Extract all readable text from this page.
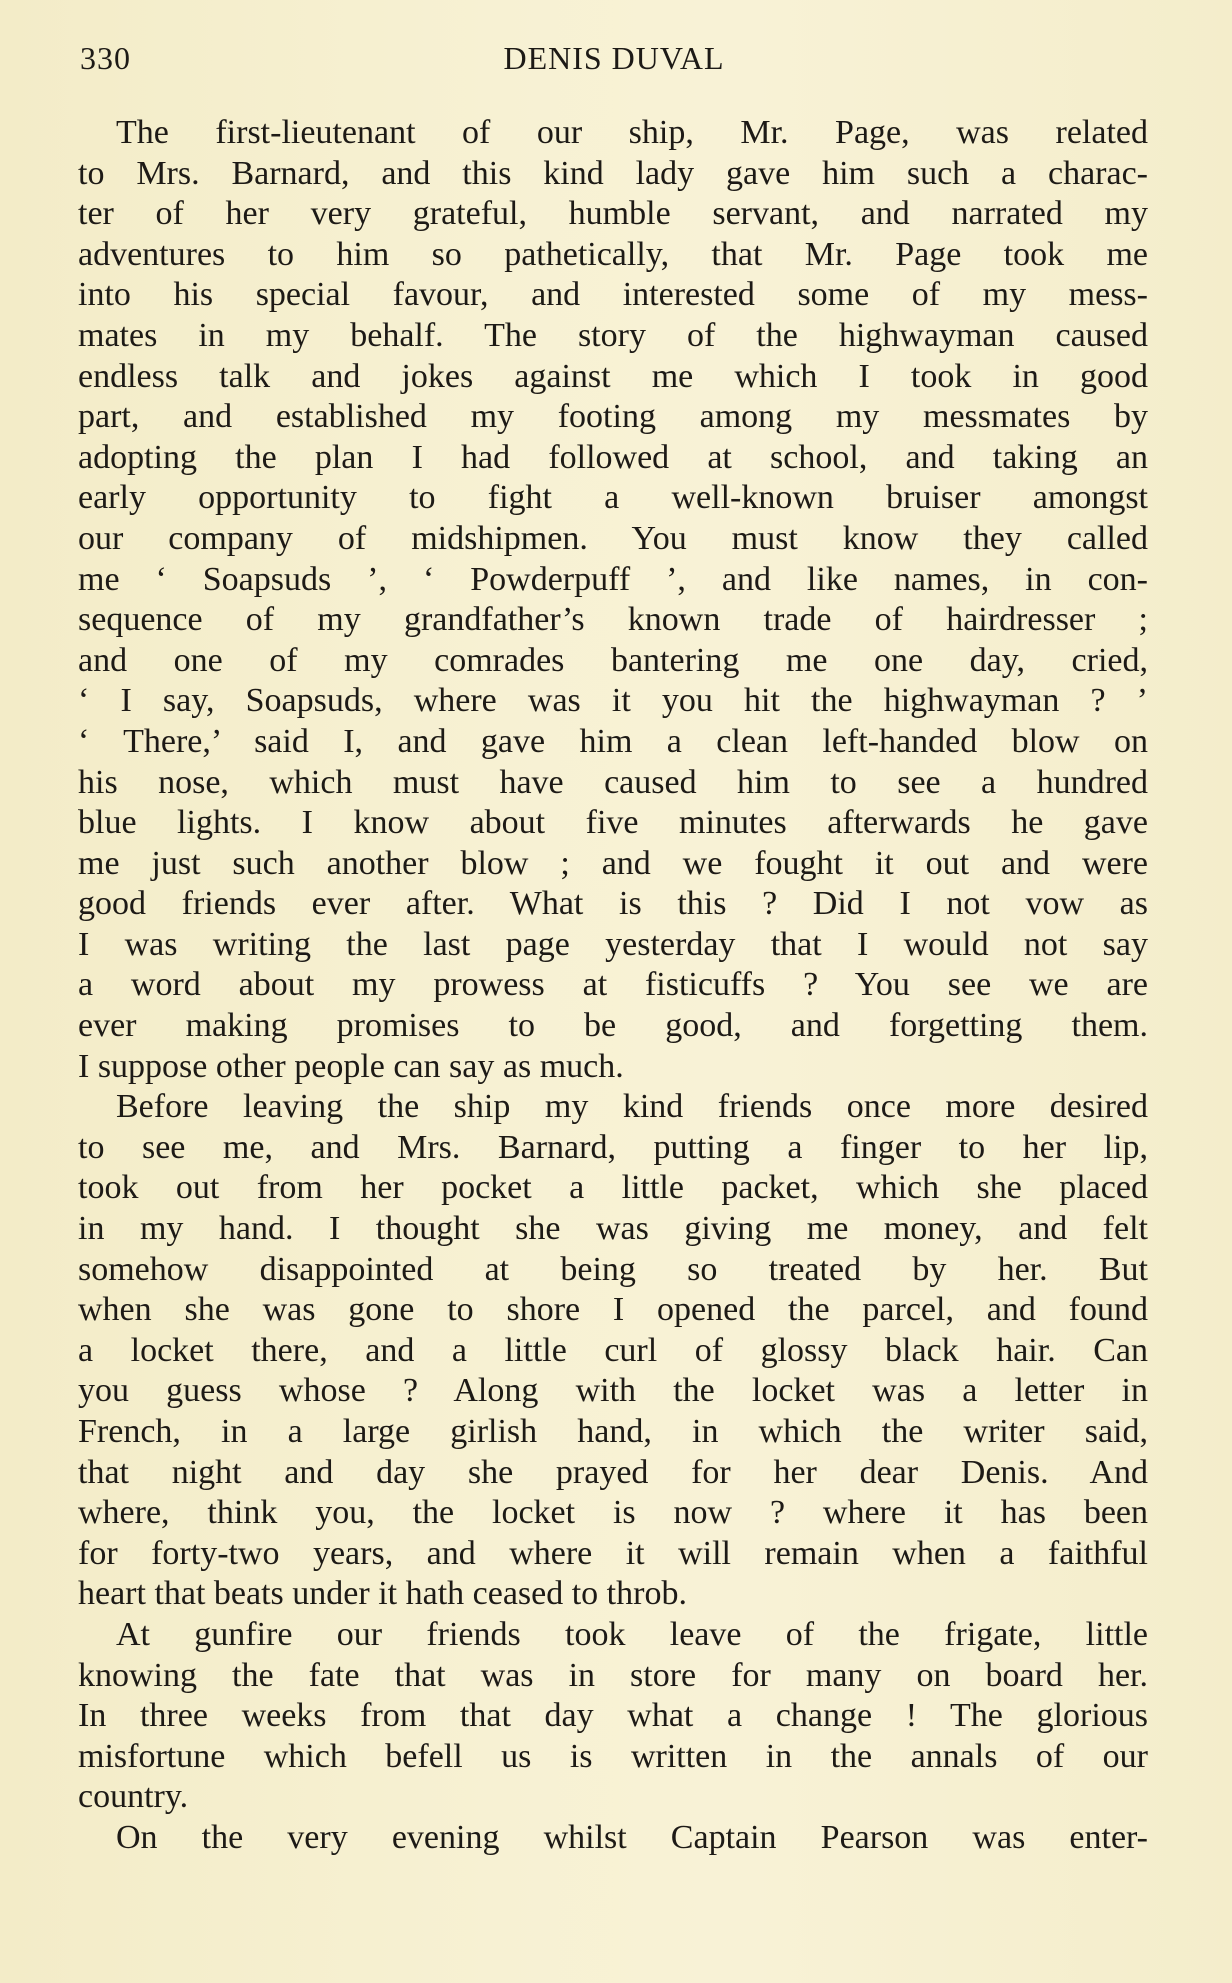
330	DENIS DUVAL
The first-lieutenant of our ship, Mr. Page, was related
to Mrs. Barnard, and this kind lady gave him such a charac-
ter of her very grateful, humble servant, and narrated my
adventures to him so pathetically, that Mr. Page took me
into his special favour, and interested some of my mess-
mates in my behalf. The story of the highwayman caused
endless talk and jokes against me which I took in good
part, and established my footing among my messmates by
adopting the plan I had followed at school, and taking an
early opportunity to fight a well-known bruiser amongst
our company of midshipmen. You must know they called
me ‘ Soapsuds ’, ‘ Powderpuff ’, and like names, in con-
sequence of my grandfather’s known trade of hairdresser ;
and one of my comrades bantering me one day, cried,
‘ I say, Soapsuds, where was it you hit the highwayman ? ’
‘ There,’ said I, and gave him a clean left-handed blow on
his nose, which must have caused him to see a hundred
blue lights. I know about five minutes afterwards he gave
me just such another blow ; and we fought it out and were
good friends ever after. What is this ? Did I not vow as
I was writing the last page yesterday that I would not say
a word about my prowess at fisticuffs ? You see we are
ever making promises to be good, and forgetting them.
I suppose other people can say as much.
Before leaving the ship my kind friends once more desired
to see me, and Mrs. Barnard, putting a finger to her lip,
took out from her pocket a little packet, which she placed
in my hand. I thought she was giving me money, and felt
somehow disappointed at being so treated by her. But
when she was gone to shore I opened the parcel, and found
a locket there, and a little curl of glossy black hair. Can
you guess whose ? Along with the locket was a letter in
French, in a large girlish hand, in which the writer said,
that night and day she prayed for her dear Denis. And
where, think you, the locket is now ? where it has been
for forty-two years, and where it will remain when a faithful
heart that beats under it hath ceased to throb.
At gunfire our friends took leave of the frigate, little
knowing the fate that was in store for many on board her.
In three weeks from that day what a change ! The glorious
misfortune which befell us is written in the annals of our
country.
On the very evening whilst Captain Pearson was enter-
